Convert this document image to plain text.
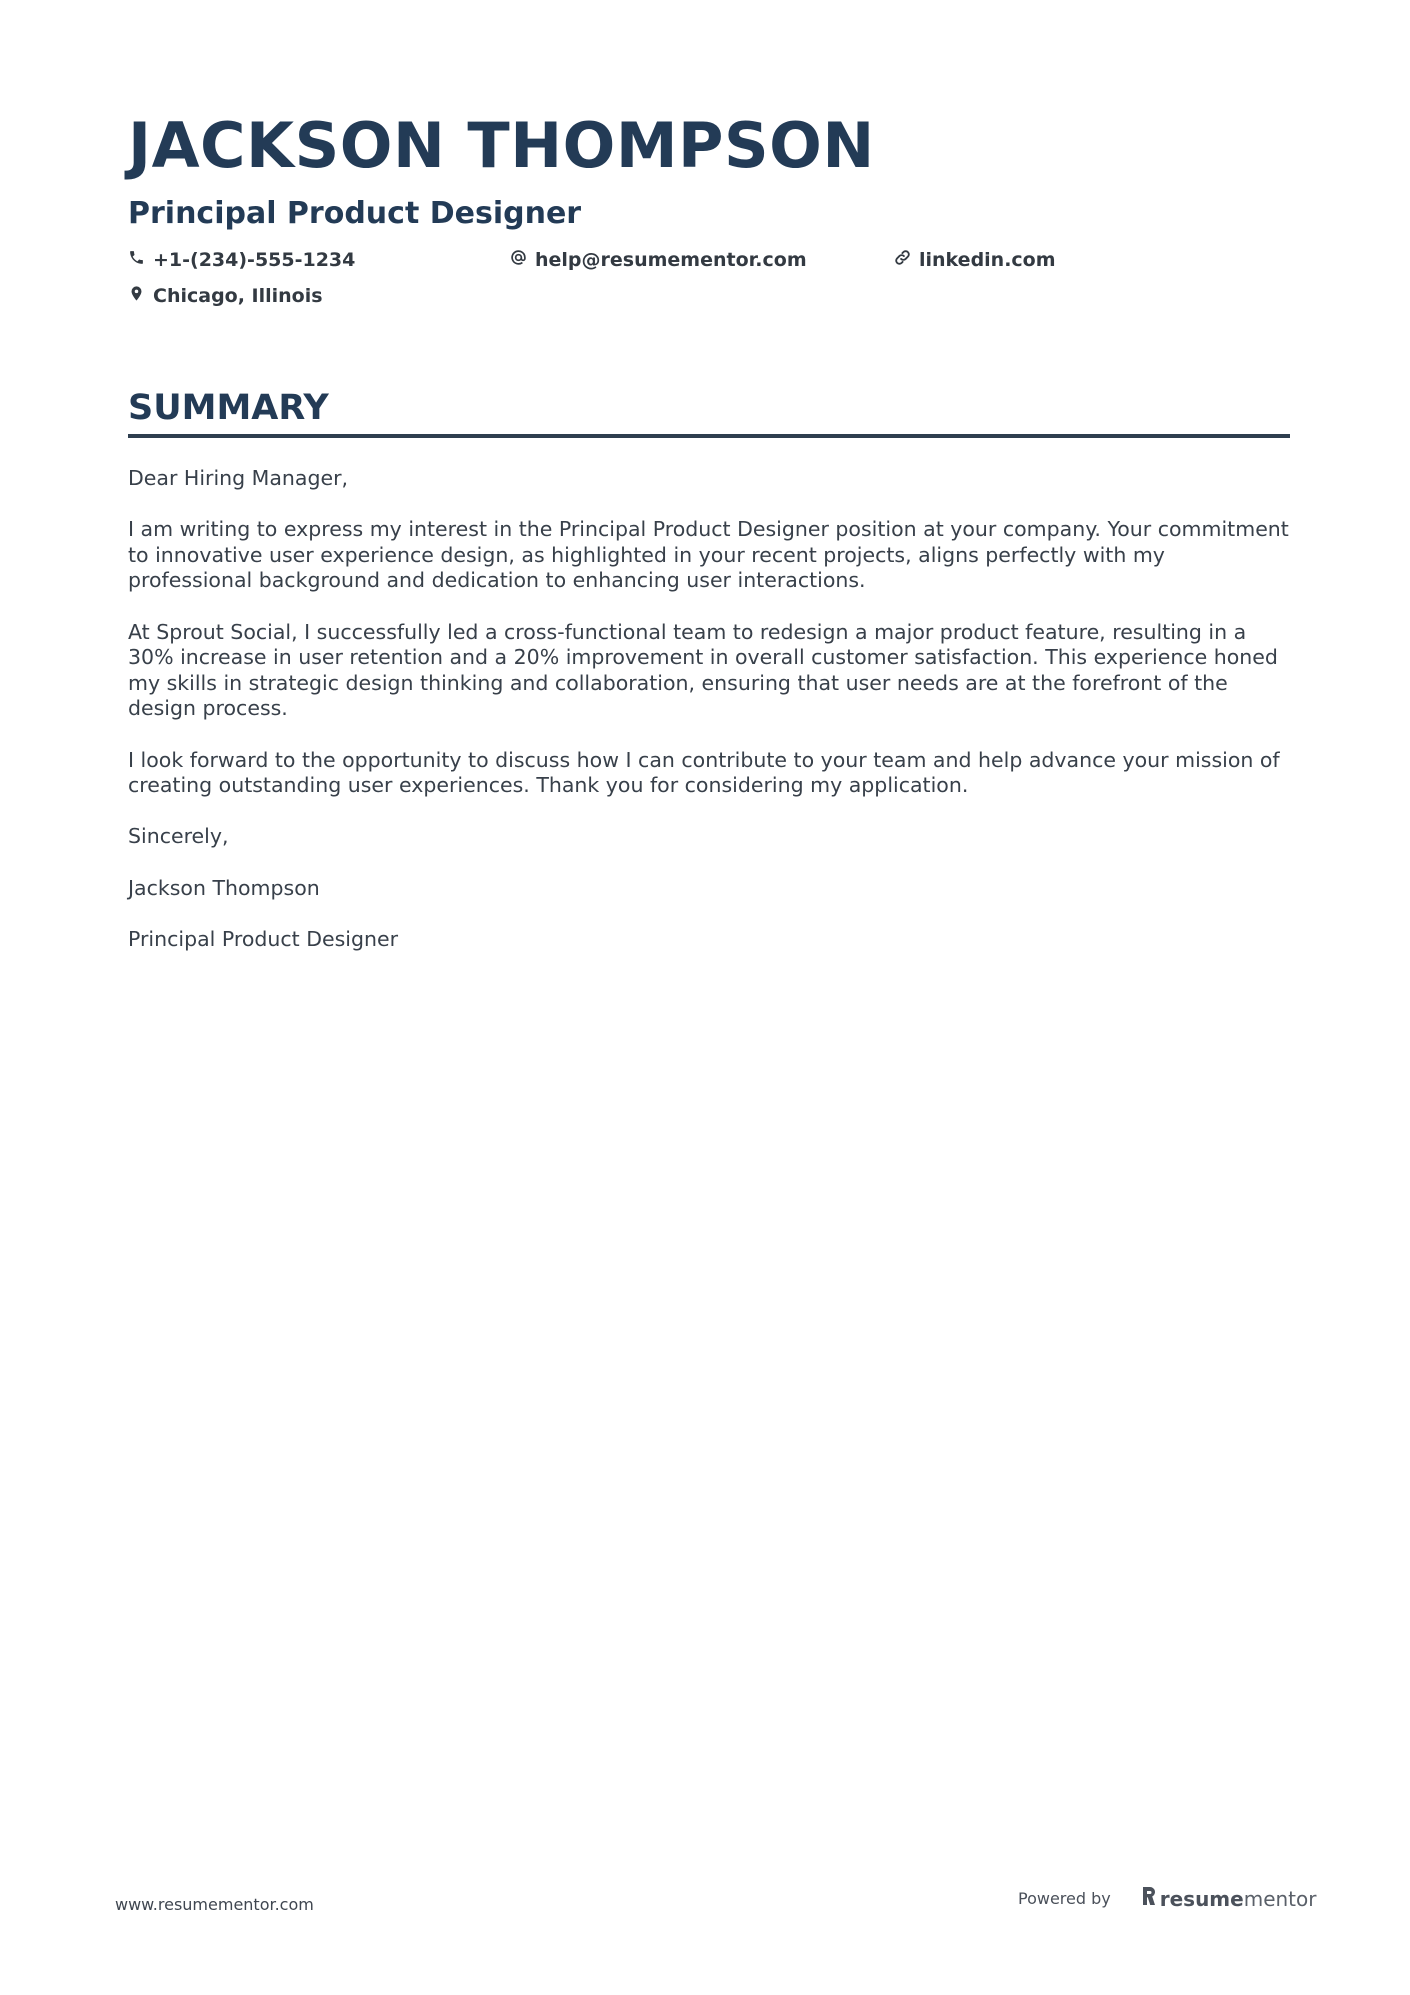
JACKSON THOMPSON
Principal Product Designer
+1-(234)-555-1234	help@resumementor.com	linkedin.com
Chicago, Illinois
SUMMARY

Dear Hiring Manager,

I am writing to express my interest in the Principal Product Designer position at your company. Your commitment to innovative user experience design, as highlighted in your recent projects, aligns perfectly with my professional background and dedication to enhancing user interactions.

At Sprout Social, I successfully led a cross-functional team to redesign a major product feature, resulting in a 30% increase in user retention and a 20% improvement in overall customer satisfaction. This experience honed my skills in strategic design thinking and collaboration, ensuring that user needs are at the forefront of the design process.

I look forward to the opportunity to discuss how I can contribute to your team and help advance your mission of creating outstanding user experiences. Thank you for considering my application.

Sincerely,

Jackson Thompson

Principal Product Designer

www.resumementor.com	Powered by resume mentor
